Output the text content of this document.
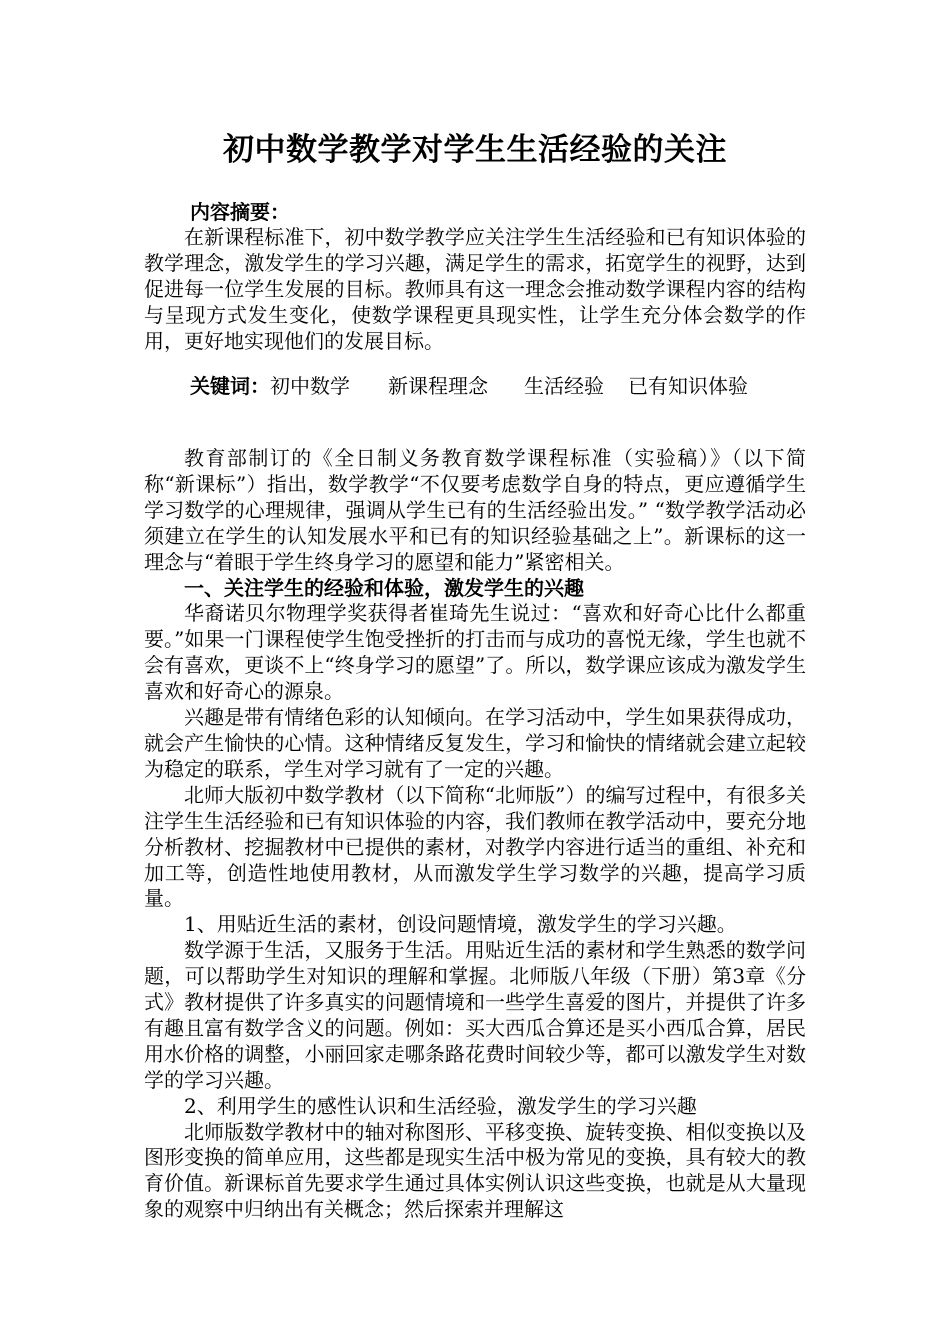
初中数学教学对学生生活经验的关注
内容摘要：

在新课程标准下，初中数学教学应关注学生生活经验和已有知识体验的教学理念，激发学生的学习兴趣，满足学生的需求，拓宽学生的视野，达到促进每一位学生发展的目标。教师具有这一理念会推动数学课程内容的结构与呈现方式发生变化，使数学课程更具现实性，让学生充分体会数学的作用，更好地实现他们的发展目标。

关键词：初中数学 新课程理念 生活经验 已有知识体验

教育部制订的《全日制义务教育数学课程标准（实验稿）》（以下简称“新课标”）指出，数学教学“不仅要考虑数学自身的特点，更应遵循学生学习数学的心理规律，强调从学生已有的生活经验出发。” “数学教学活动必须建立在学生的认知发展水平和已有的知识经验基础之上”。新课标的这一理念与“着眼于学生终身学习的愿望和能力”紧密相关。

一、关注学生的经验和体验，激发学生的兴趣

华裔诺贝尔物理学奖获得者崔琦先生说过：“喜欢和好奇心比什么都重要。”如果一门课程使学生饱受挫折的打击而与成功的喜悦无缘，学生也就不会有喜欢，更谈不上“终身学习的愿望”了。所以，数学课应该成为激发学生喜欢和好奇心的源泉。

兴趣是带有情绪色彩的认知倾向。在学习活动中，学生如果获得成功，就会产生愉快的心情。这种情绪反复发生，学习和愉快的情绪就会建立起较为稳定的联系，学生对学习就有了一定的兴趣。

北师大版初中数学教材（以下简称“北师版”）的编写过程中，有很多关注学生生活经验和已有知识体验的内容，我们教师在教学活动中，要充分地分析教材、挖掘教材中已提供的素材，对教学内容进行适当的重组、补充和加工等，创造性地使用教材，从而激发学生学习数学的兴趣，提高学习质量。

1、用贴近生活的素材，创设问题情境，激发学生的学习兴趣。

数学源于生活，又服务于生活。用贴近生活的素材和学生熟悉的数学问题，可以帮助学生对知识的理解和掌握。北师版八年级（下册）第3章《分式》教材提供了许多真实的问题情境和一些学生喜爱的图片，并提供了许多有趣且富有数学含义的问题。例如：买大西瓜合算还是买小西瓜合算，居民用水价格的调整，小丽回家走哪条路花费时间较少等，都可以激发学生对数学的学习兴趣。

2、利用学生的感性认识和生活经验，激发学生的学习兴趣

北师版数学教材中的轴对称图形、平移变换、旋转变换、相似变换以及图形变换的简单应用，这些都是现实生活中极为常见的变换，具有较大的教育价值。新课标首先要求学生通过具体实例认识这些变换，也就是从大量现象的观察中归纳出有关概念；然后探索并理解这
